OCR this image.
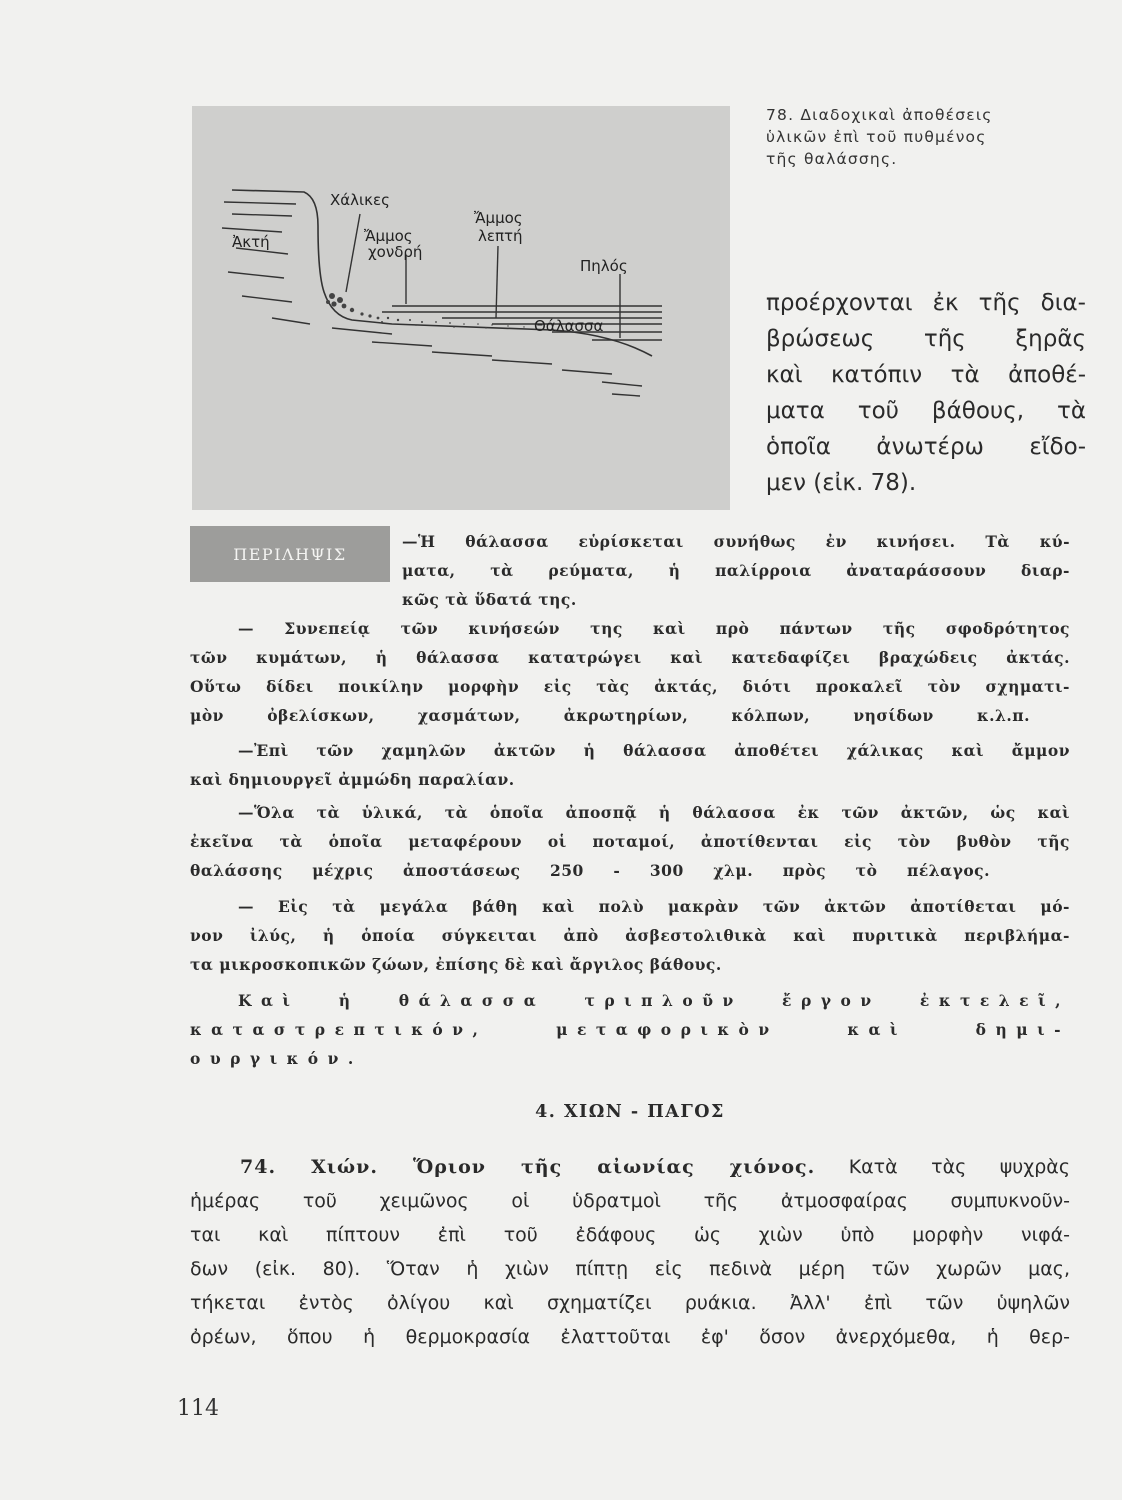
Ἀκτή
Χάλικες
Ἄμμος
χονδρή
Ἄμμος
λεπτή
Πηλός
Θάλασσα
78. Διαδοχικαὶ ἀποθέσεις
ὑλικῶν ἐπὶ τοῦ πυθμένος
τῆς θαλάσσης.
προέρχονται ἐκ τῆς δια-
βρώσεως τῆς ξηρᾶς
καὶ κατόπιν τὰ ἀποθέ-
ματα τοῦ βάθους, τὰ
ὁποῖα ἀνωτέρω εἴδο-
μεν (εἰκ. 78).
ΠΕΡΙΛΗΨΙΣ
—Ἡ θάλασσα εὑρίσκεται συνήθως ἐν κινήσει. Τὰ κύ-
ματα, τὰ ρεύματα, ἡ παλίρροια ἀναταράσσουν διαρ-
κῶς τὰ ὕδατά της.
— Συνεπείᾳ τῶν κινήσεών της καὶ πρὸ πάντων τῆς σφοδρότητος
τῶν κυμάτων, ἡ θάλασσα κατατρώγει καὶ κατεδαφίζει βραχώδεις ἀκτάς.
Οὕτω δίδει ποικίλην μορφὴν εἰς τὰς ἀκτάς, διότι προκαλεῖ τὸν σχηματι-
μὸν ὀβελίσκων, χασμάτων, ἀκρωτηρίων, κόλπων, νησίδων κ.λ.π.
—Ἐπὶ τῶν χαμηλῶν ἀκτῶν ἡ θάλασσα ἀποθέτει χάλικας καὶ ἄμμον
καὶ δημιουργεῖ ἀμμώδη παραλίαν.
—Ὅλα τὰ ὑλικά, τὰ ὁποῖα ἀποσπᾷ ἡ θάλασσα ἐκ τῶν ἀκτῶν, ὡς καὶ
ἐκεῖνα τὰ ὁποῖα μεταφέρουν οἱ ποταμοί, ἀποτίθενται εἰς τὸν βυθὸν τῆς
θαλάσσης μέχρις ἀποστάσεως 250 - 300 χλμ. πρὸς τὸ πέλαγος.
— Εἰς τὰ μεγάλα βάθη καὶ πολὺ μακρὰν τῶν ἀκτῶν ἀποτίθεται μό-
νον ἰλύς, ἡ ὁποία σύγκειται ἀπὸ ἀσβεστολιθικὰ καὶ πυριτικὰ περιβλήμα-
τα μικροσκοπικῶν ζώων, ἐπίσης δὲ καὶ ἄργιλος βάθους.
Καὶ ἡ θάλασσα τριπλοῦν ἔργον ἐκτελεῖ,
καταστρεπτικόν, μεταφορικὸν καὶ δημι-
ουργικόν.
4. ΧΙΩΝ - ΠΑΓΟΣ
74. Χιών. Ὅριον τῆς αἰωνίας χιόνος. Κατὰ τὰς ψυχρὰς
ἡμέρας τοῦ χειμῶνος οἱ ὑδρατμοὶ τῆς ἀτμοσφαίρας συμπυκνοῦν-
ται καὶ πίπτουν ἐπὶ τοῦ ἐδάφους ὡς χιὼν ὑπὸ μορφὴν νιφά-
δων (εἰκ. 80). Ὅταν ἡ χιὼν πίπτῃ εἰς πεδινὰ μέρη τῶν χωρῶν μας,
τήκεται ἐντὸς ὀλίγου καὶ σχηματίζει ρυάκια. Ἀλλ' ἐπὶ τῶν ὑψηλῶν
ὀρέων, ὅπου ἡ θερμοκρασία ἐλαττοῦται ἐφ' ὅσον ἀνερχόμεθα, ἡ θερ-
114
